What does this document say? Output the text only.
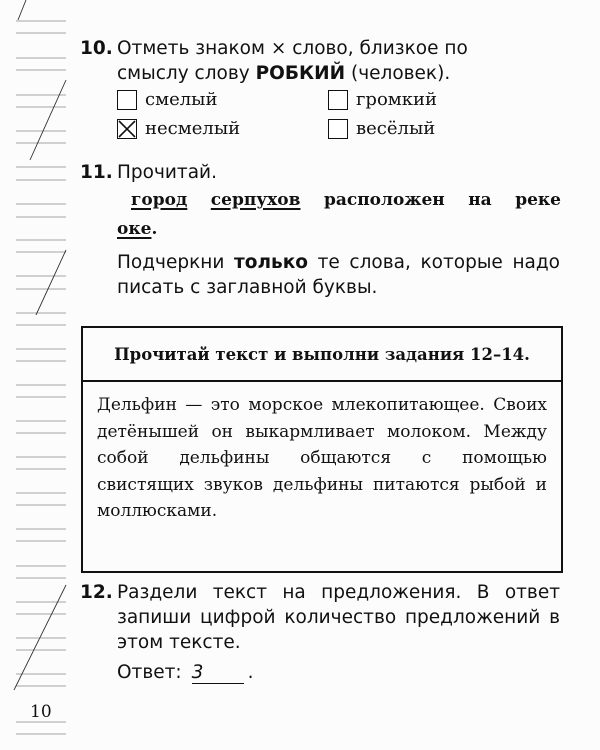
10. Отметь знаком × слово, близкое по
смыслу слову РОБКИЙ (человек).
смелый	громкий
несмелый	весёлый
11. Прочитай.
город серпухов расположен на реке
оке.
Подчеркни только те слова, которые надо писать с заглавной буквы.
Прочитай текст и выполни задания 12–14.
Дельфин — это морское млекопитающее. Своих детёнышей он выкармливает молоком. Между собой дельфины общаются с помощью свистящих звуков дельфины питаются рыбой и моллюсками.
12. Раздели текст на предложения. В ответ запиши цифрой количество предложений в этом тексте.
Ответ: 3 .
10
